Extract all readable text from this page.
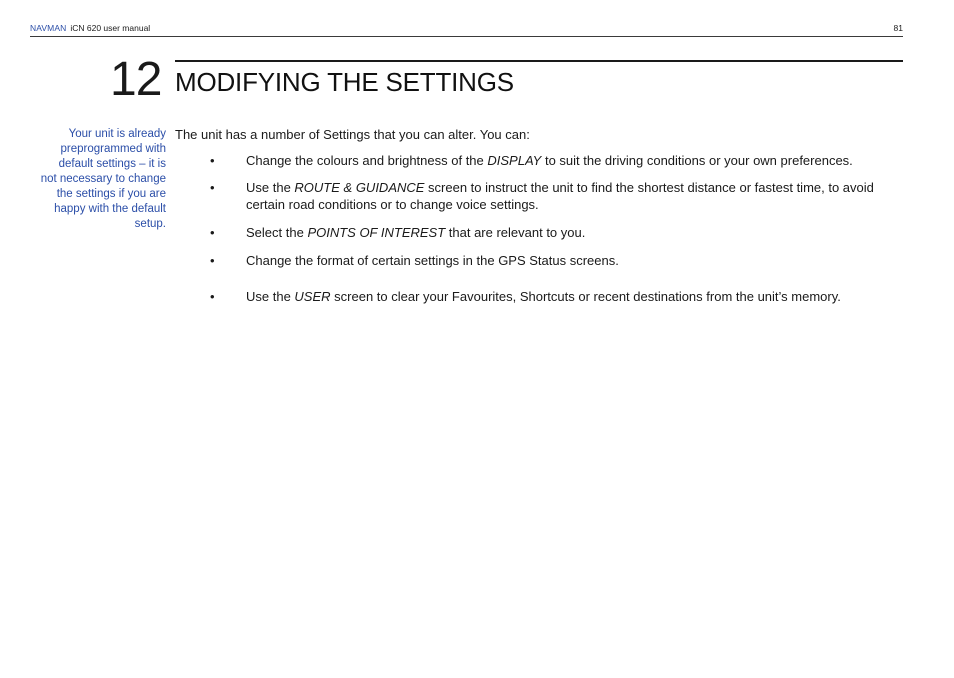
NAVMAN iCN 620 user manual	81
12 MODIFYING THE SETTINGS
Your unit is already preprogrammed with default settings – it is not necessary to change the settings if you are happy with the default setup.

The unit has a number of Settings that you can alter. You can:

•	Change the colours and brightness of the DISPLAY to suit the driving conditions or your own preferences.
•	Use the ROUTE & GUIDANCE screen to instruct the unit to find the shortest distance or fastest time, to avoid certain road conditions or to change voice settings.
•	Select the POINTS OF INTEREST that are relevant to you.
•	Change the format of certain settings in the GPS Status screens.
•	Use the USER screen to clear your Favourites, Shortcuts or recent destinations from the unit’s memory.
